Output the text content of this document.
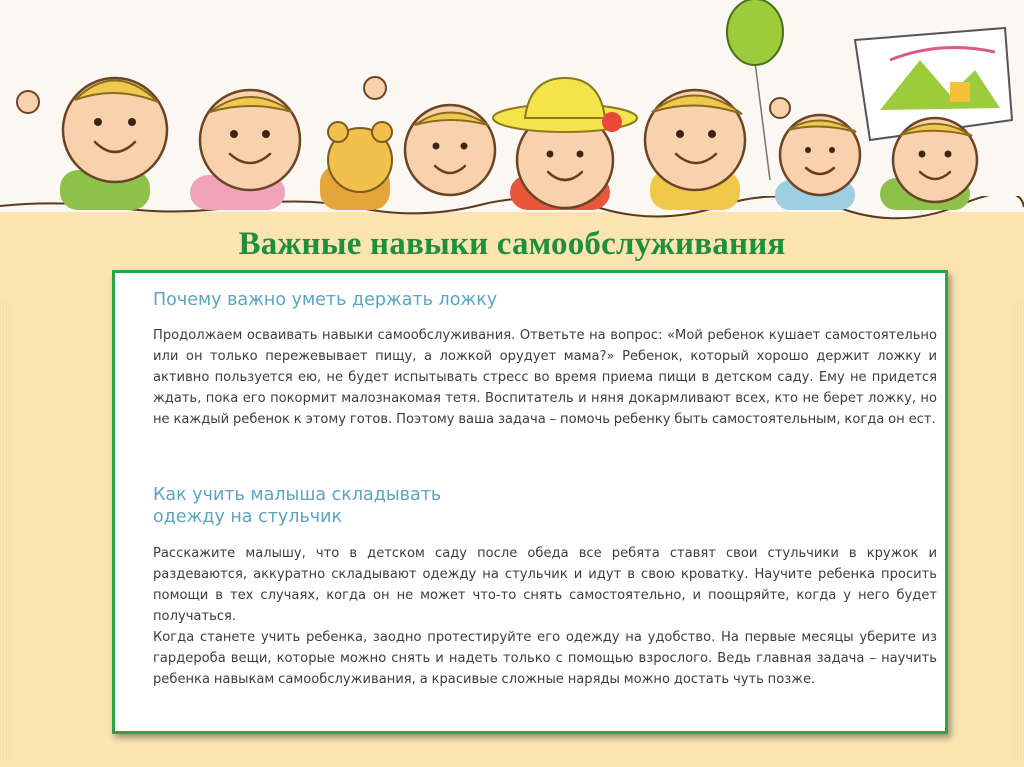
Важные навыки самообслуживания
Почему важно уметь держать ложку

Продолжаем осваивать навыки самообслуживания. Ответьте на вопрос: «Мой ребенок кушает самостоятельно или он только пережевывает пищу, а ложкой орудует мама?» Ребенок, который хорошо держит ложку и активно пользуется ею, не будет испытывать стресс во время приема пищи в детском саду. Ему не придется ждать, пока его покормит малознакомая тетя. Воспитатель и няня докармливают всех, кто не берет ложку, но не каждый ребенок к этому готов. Поэтому ваша задача – помочь ребенку быть самостоятельным, когда он ест.

Как учить малыша складывать
одежду на стульчик

Расскажите малышу, что в детском саду после обеда все ребята ставят свои стульчики в кружок и раздеваются, аккуратно складывают одежду на стульчик и идут в свою кроватку. Научите ребенка просить помощи в тех случаях, когда он не может что-то снять самостоятельно, и поощряйте, когда у него будет получаться.

Когда станете учить ребенка, заодно протестируйте его одежду на удобство. На первые месяцы уберите из гардероба вещи, которые можно снять и надеть только с помощью взрослого. Ведь главная задача – научить ребенка навыкам самообслуживания, а красивые сложные наряды можно достать чуть позже.
